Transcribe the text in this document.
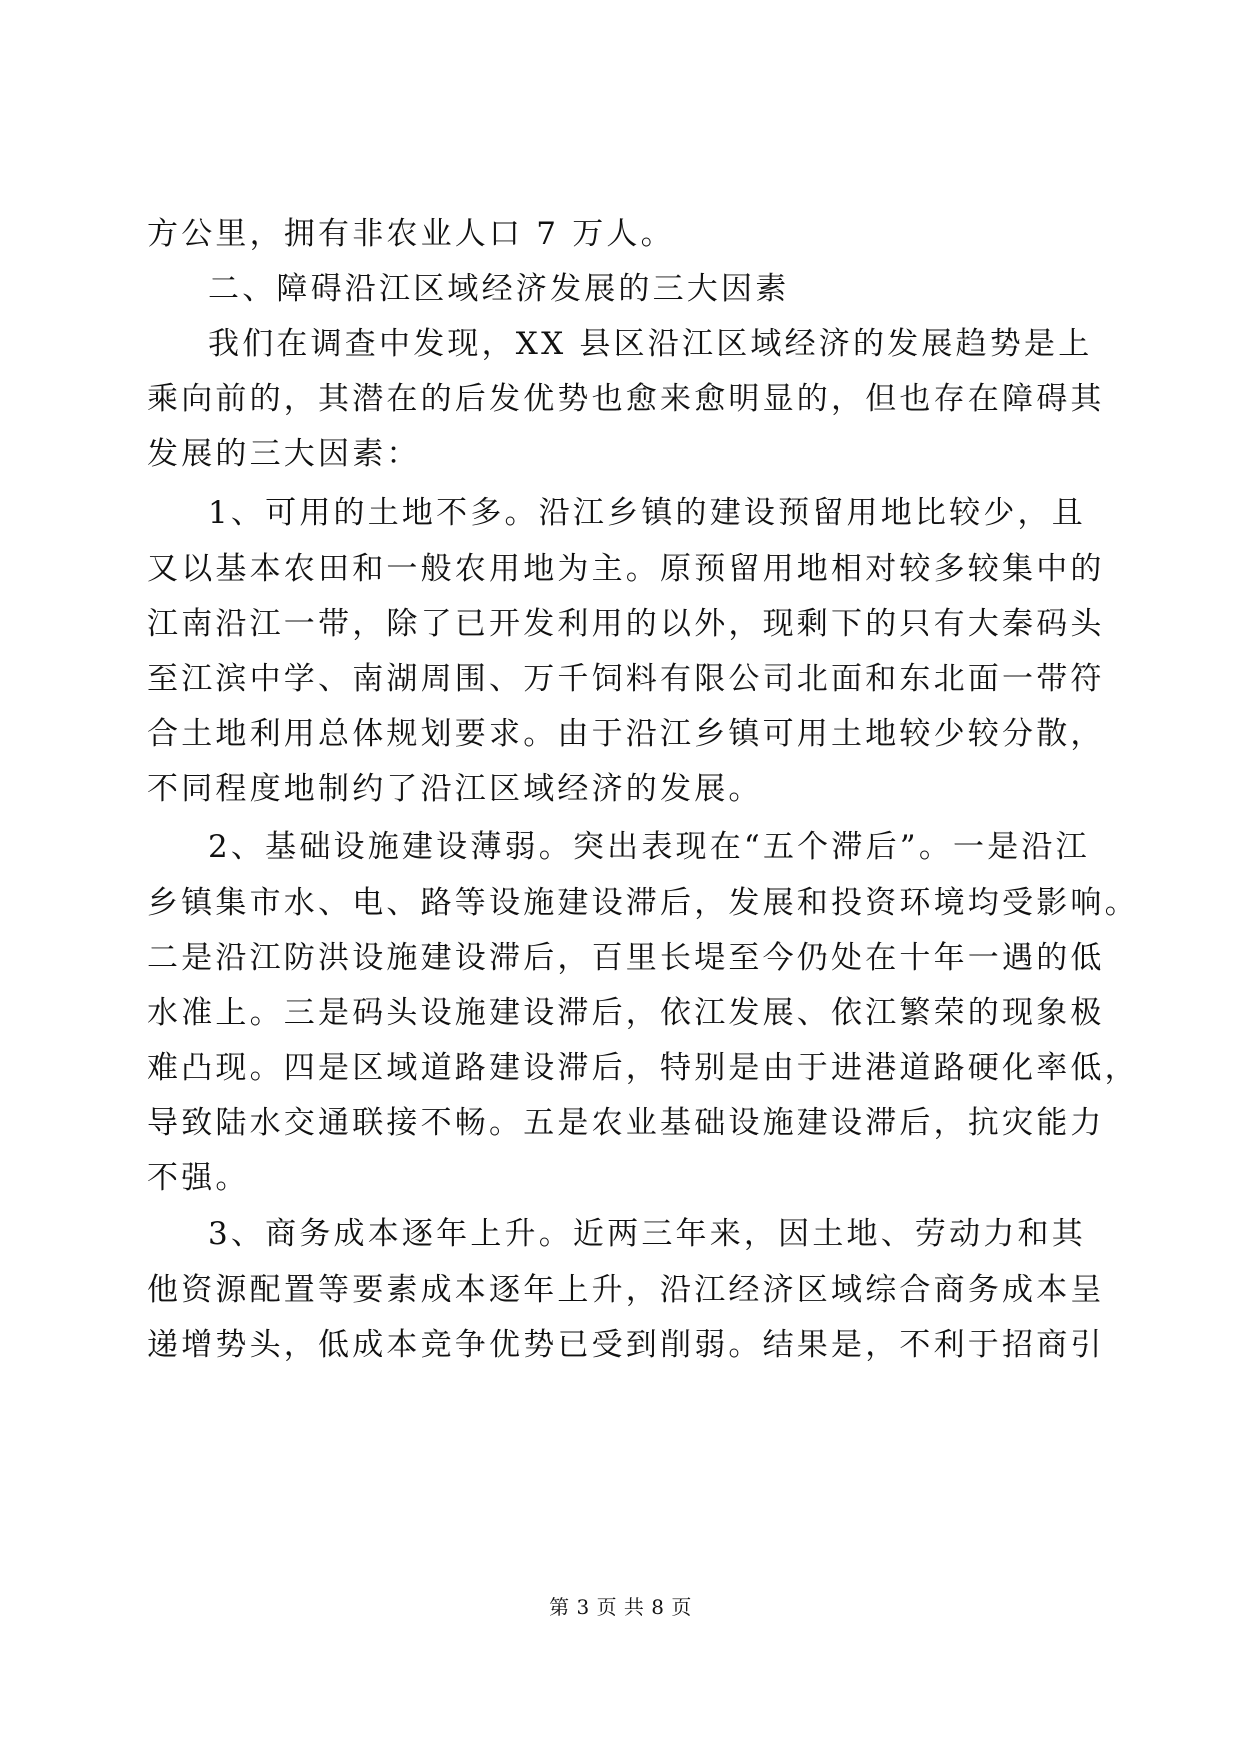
方公里，拥有非农业人口 7 万人。
二、障碍沿江区域经济发展的三大因素
我们在调查中发现，XX 县区沿江区域经济的发展趋势是上
乘向前的，其潜在的后发优势也愈来愈明显的，但也存在障碍其
发展的三大因素：
1、可用的土地不多。沿江乡镇的建设预留用地比较少，且
又以基本农田和一般农用地为主。原预留用地相对较多较集中的
江南沿江一带，除了已开发利用的以外，现剩下的只有大秦码头
至江滨中学、南湖周围、万千饲料有限公司北面和东北面一带符
合土地利用总体规划要求。由于沿江乡镇可用土地较少较分散，
不同程度地制约了沿江区域经济的发展。
2、基础设施建设薄弱。突出表现在“五个滞后”。一是沿江
乡镇集市水、电、路等设施建设滞后，发展和投资环境均受影响。
二是沿江防洪设施建设滞后，百里长堤至今仍处在十年一遇的低
水准上。三是码头设施建设滞后，依江发展、依江繁荣的现象极
难凸现。四是区域道路建设滞后，特别是由于进港道路硬化率低，
导致陆水交通联接不畅。五是农业基础设施建设滞后，抗灾能力
不强。
3、商务成本逐年上升。近两三年来，因土地、劳动力和其
他资源配置等要素成本逐年上升，沿江经济区域综合商务成本呈
递增势头，低成本竞争优势已受到削弱。结果是，不利于招商引
第 3 页 共 8 页
